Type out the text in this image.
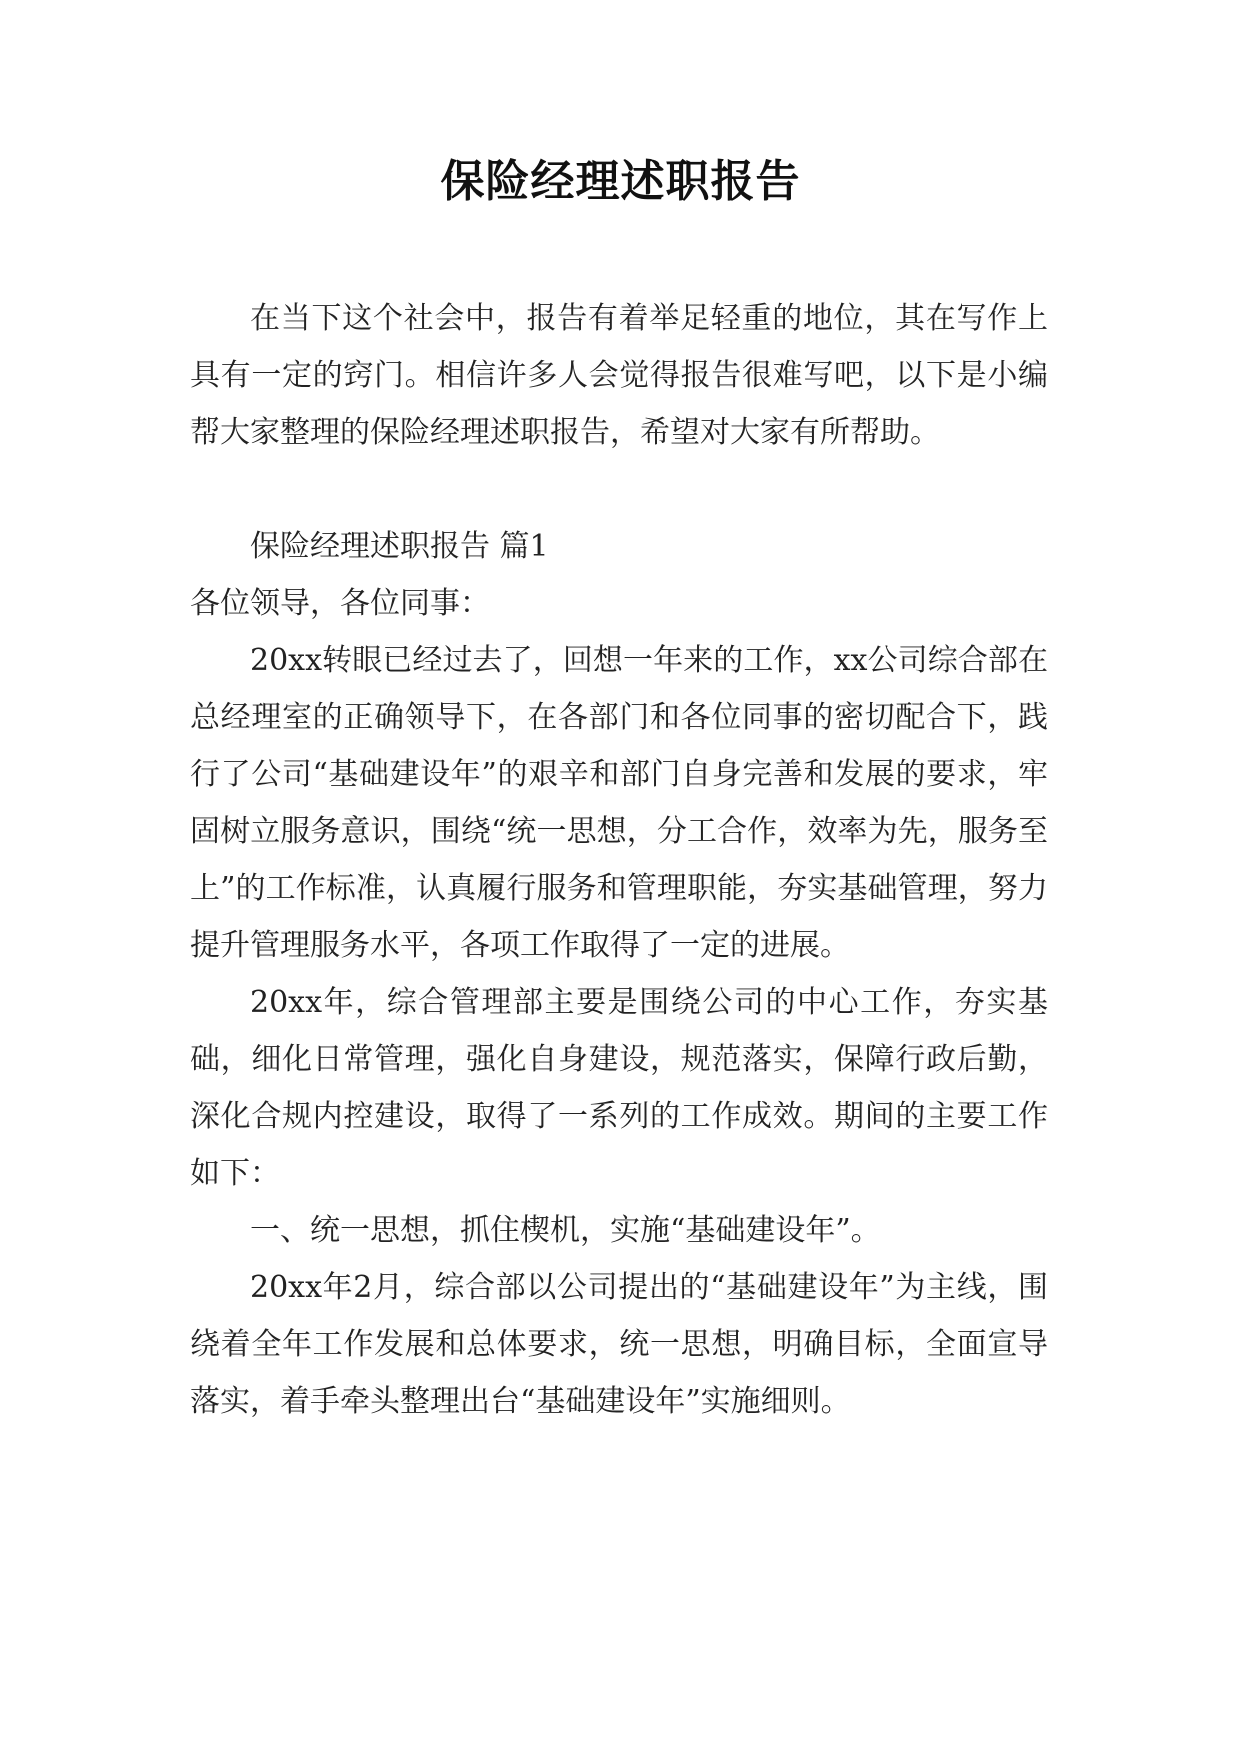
保险经理述职报告

在当下这个社会中，报告有着举足轻重的地位，其在写作上具有一定的窍门。相信许多人会觉得报告很难写吧，以下是小编帮大家整理的保险经理述职报告，希望对大家有所帮助。

保险经理述职报告 篇1

各位领导，各位同事：

20xx转眼已经过去了，回想一年来的工作，xx公司综合部在总经理室的正确领导下，在各部门和各位同事的密切配合下，践行了公司“基础建设年”的艰辛和部门自身完善和发展的要求，牢固树立服务意识，围绕“统一思想，分工合作，效率为先，服务至上”的工作标准，认真履行服务和管理职能，夯实基础管理，努力提升管理服务水平，各项工作取得了一定的进展。

20xx年，综合管理部主要是围绕公司的中心工作，夯实基础，细化日常管理，强化自身建设，规范落实，保障行政后勤，深化合规内控建设，取得了一系列的工作成效。期间的主要工作如下：

一、统一思想，抓住楔机，实施“基础建设年”。

20xx年2月，综合部以公司提出的“基础建设年”为主线，围绕着全年工作发展和总体要求，统一思想，明确目标，全面宣导落实，着手牵头整理出台“基础建设年”实施细则。
